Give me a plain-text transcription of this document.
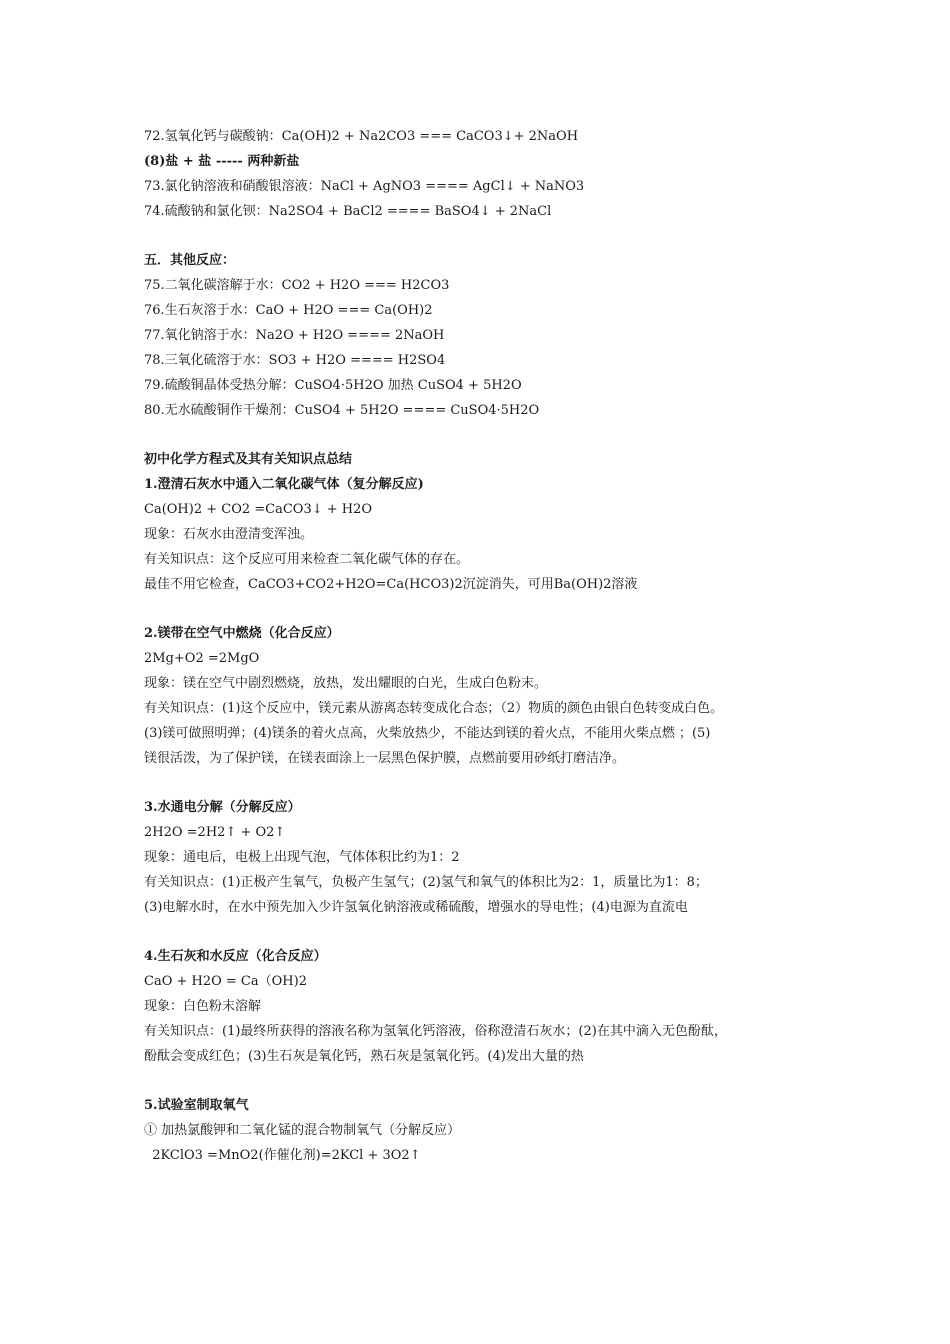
72.氢氧化钙与碳酸钠：Ca(OH)2 + Na2CO3 === CaCO3↓+ 2NaOH
(8)盐 + 盐 ----- 两种新盐
73.氯化钠溶液和硝酸银溶液：NaCl + AgNO3 ==== AgCl↓ + NaNO3
74.硫酸钠和氯化钡：Na2SO4 + BaCl2 ==== BaSO4↓ + 2NaCl
五．其他反应：
75.二氧化碳溶解于水：CO2 + H2O === H2CO3
76.生石灰溶于水：CaO + H2O === Ca(OH)2
77.氧化钠溶于水：Na2O + H2O ==== 2NaOH
78.三氧化硫溶于水：SO3 + H2O ==== H2SO4
79.硫酸铜晶体受热分解：CuSO4·5H2O 加热 CuSO4 + 5H2O
80.无水硫酸铜作干燥剂：CuSO4 + 5H2O ==== CuSO4·5H2O
初中化学方程式及其有关知识点总结
1.澄清石灰水中通入二氧化碳气体（复分解反应)
Ca(OH)2 + CO2 =CaCO3↓ + H2O
现象：石灰水由澄清变浑浊。
有关知识点：这个反应可用来检查二氧化碳气体的存在。
最佳不用它检查，CaCO3+CO2+H2O=Ca(HCO3)2沉淀消失，可用Ba(OH)2溶液
2.镁带在空气中燃烧（化合反应）
2Mg+O2 =2MgO
现象：镁在空气中剧烈燃烧，放热，发出耀眼的白光，生成白色粉末。
有关知识点：(1)这个反应中，镁元素从游离态转变成化合态；（2）物质的颜色由银白色转变成白色。
(3)镁可做照明弹；(4)镁条的着火点高，火柴放热少，不能达到镁的着火点，不能用火柴点燃 ；(5)
镁很活泼，为了保护镁，在镁表面涂上一层黑色保护膜，点燃前要用砂纸打磨洁净。
3.水通电分解（分解反应）
2H2O =2H2↑ + O2↑
现象：通电后，电极上出现气泡，气体体积比约为1：2
有关知识点：(1)正极产生氧气，负极产生氢气；(2)氢气和氧气的体积比为2：1，质量比为1：8；
(3)电解水时，在水中预先加入少许氢氧化钠溶液或稀硫酸，增强水的导电性；(4)电源为直流电
4.生石灰和水反应（化合反应）
CaO + H2O = Ca（OH)2
现象：白色粉末溶解
有关知识点：(1)最终所获得的溶液名称为氢氧化钙溶液，俗称澄清石灰水；(2)在其中滴入无色酚酞，
酚酞会变成红色；(3)生石灰是氧化钙，熟石灰是氢氧化钙。(4)发出大量的热
5.试验室制取氧气
① 加热氯酸钾和二氧化锰的混合物制氧气（分解反应）
2KClO3 =MnO2(作催化剂)=2KCl + 3O2↑
